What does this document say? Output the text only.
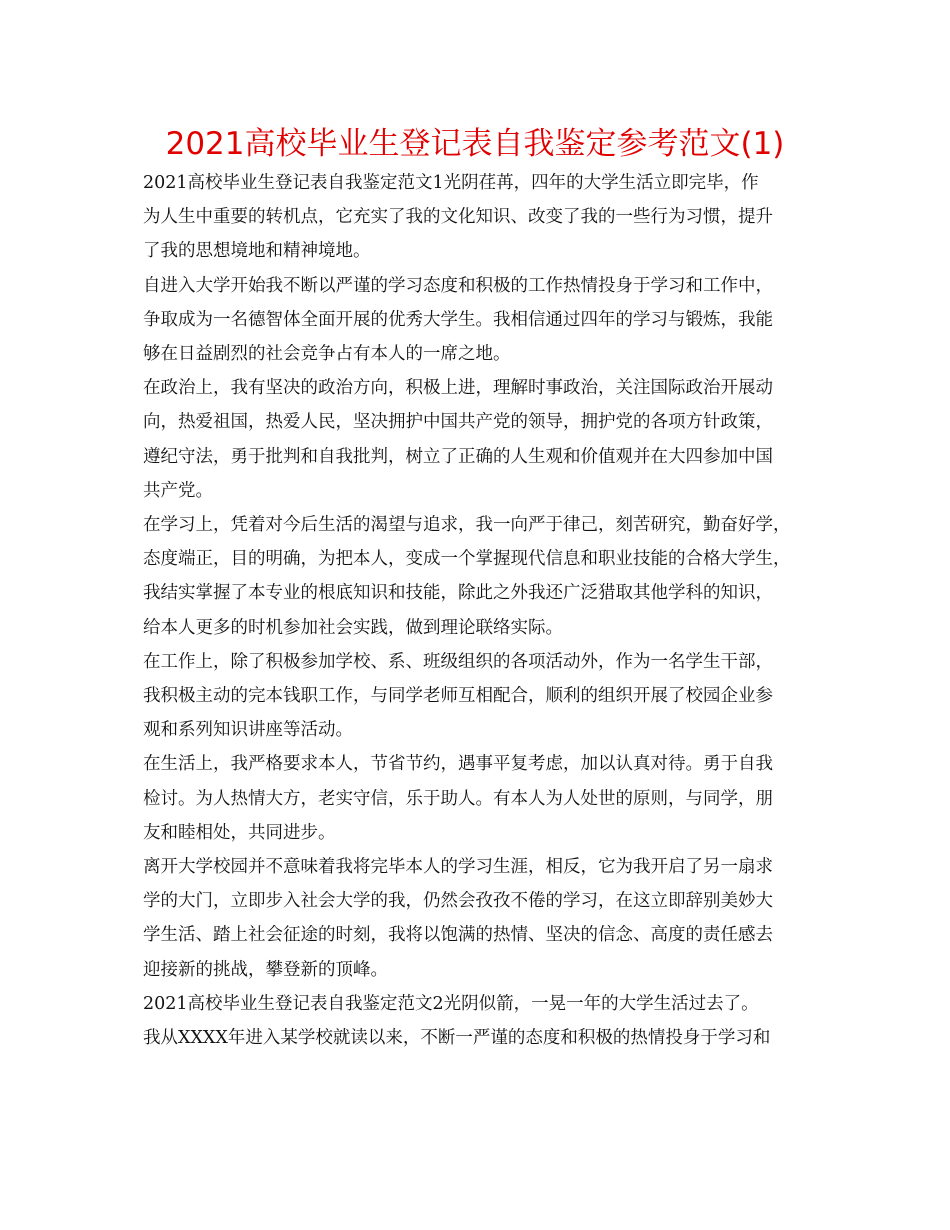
2021高校毕业生登记表自我鉴定参考范文(1)

2021高校毕业生登记表自我鉴定范文1光阴荏苒，四年的大学生活立即完毕，作
为人生中重要的转机点，它充实了我的文化知识、改变了我的一些行为习惯，提升
了我的思想境地和精神境地。

自进入大学开始我不断以严谨的学习态度和积极的工作热情投身于学习和工作中，
争取成为一名德智体全面开展的优秀大学生。我相信通过四年的学习与锻炼，我能
够在日益剧烈的社会竞争占有本人的一席之地。

在政治上，我有坚决的政治方向，积极上进，理解时事政治，关注国际政治开展动
向，热爱祖国，热爱人民，坚决拥护中国共产党的领导，拥护党的各项方针政策，
遵纪守法，勇于批判和自我批判，树立了正确的人生观和价值观并在大四参加中国
共产党。

在学习上，凭着对今后生活的渴望与追求，我一向严于律己，刻苦研究，勤奋好学，
态度端正，目的明确，为把本人，变成一个掌握现代信息和职业技能的合格大学生，
我结实掌握了本专业的根底知识和技能，除此之外我还广泛猎取其他学科的知识，
给本人更多的时机参加社会实践，做到理论联络实际。

在工作上，除了积极参加学校、系、班级组织的各项活动外，作为一名学生干部，
我积极主动的完本钱职工作，与同学老师互相配合，顺利的组织开展了校园企业参
观和系列知识讲座等活动。

在生活上，我严格要求本人，节省节约，遇事平复考虑，加以认真对待。勇于自我
检讨。为人热情大方，老实守信，乐于助人。有本人为人处世的原则，与同学，朋
友和睦相处，共同进步。

离开大学校园并不意味着我将完毕本人的学习生涯，相反，它为我开启了另一扇求
学的大门，立即步入社会大学的我，仍然会孜孜不倦的学习，在这立即辞别美妙大
学生活、踏上社会征途的时刻，我将以饱满的热情、坚决的信念、高度的责任感去
迎接新的挑战，攀登新的顶峰。

2021高校毕业生登记表自我鉴定范文2光阴似箭，一晃一年的大学生活过去了。
我从XXXX年进入某学校就读以来，不断一严谨的态度和积极的热情投身于学习和
